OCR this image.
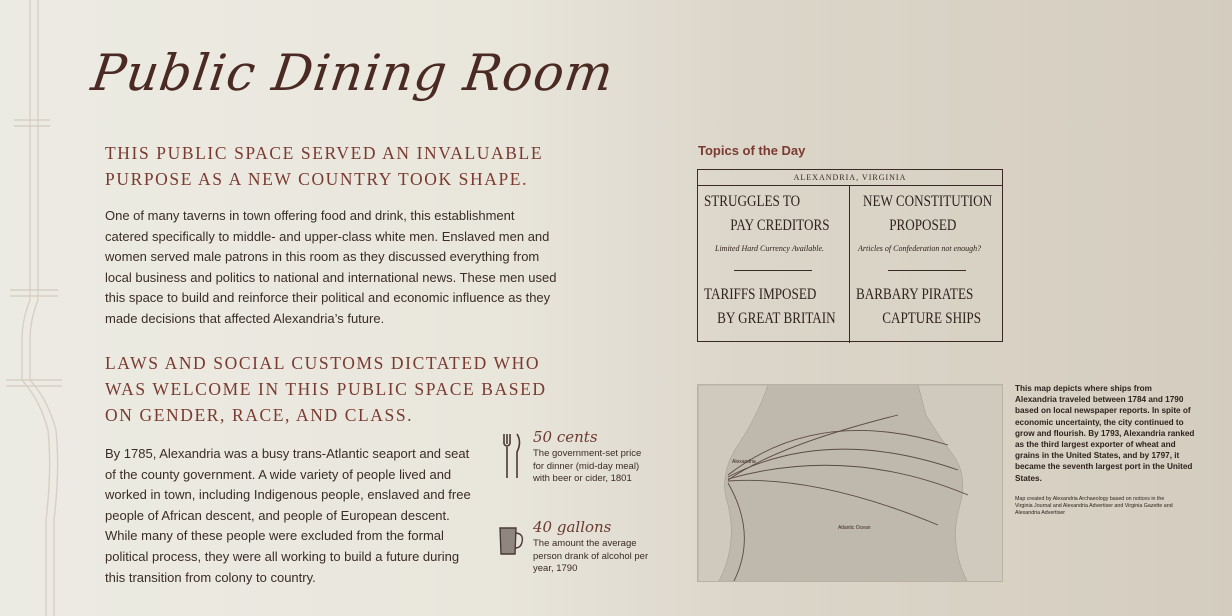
Public Dining Room
THIS PUBLIC SPACE SERVED AN INVALUABLE PURPOSE AS A NEW COUNTRY TOOK SHAPE.
One of many taverns in town offering food and drink, this establishment catered specifically to middle- and upper-class white men. Enslaved men and women served male patrons in this room as they discussed everything from local business and politics to national and international news. These men used this space to build and reinforce their political and economic influence as they made decisions that affected Alexandria’s future.
LAWS AND SOCIAL CUSTOMS DICTATED WHO WAS WELCOME IN THIS PUBLIC SPACE BASED ON GENDER, RACE, AND CLASS.
By 1785, Alexandria was a busy trans-Atlantic seaport and seat of the county government. A wide variety of people lived and worked in town, including Indigenous people, enslaved and free people of African descent, and people of European descent. While many of these people were excluded from the formal political process, they were all working to build a future during this transition from colony to country.
50 cents
The government-set price for dinner (mid-day meal) with beer or cider, 1801
40 gallons
The amount the average person drank of alcohol per year, 1790
Topics of the Day
ALEXANDRIA, VIRGINIA
STRUGGLES TO
PAY CREDITORS
Limited Hard Currency Available.
NEW CONSTITUTION
PROPOSED
Articles of Confederation not enough?
TARIFFS IMPOSED
BY GREAT BRITAIN
BARBARY PIRATES
CAPTURE SHIPS
Alexandria
Atlantic Ocean
This map depicts where ships from Alexandria traveled between 1784 and 1790 based on local newspaper reports. In spite of economic uncertainty, the city continued to grow and flourish. By 1793, Alexandria ranked as the third largest exporter of wheat and grains in the United States, and by 1797, it became the seventh largest port in the United States.
Map created by Alexandria Archaeology based on notices in the Virginia Journal and Alexandria Advertiser and Virginia Gazette and Alexandria Advertiser
